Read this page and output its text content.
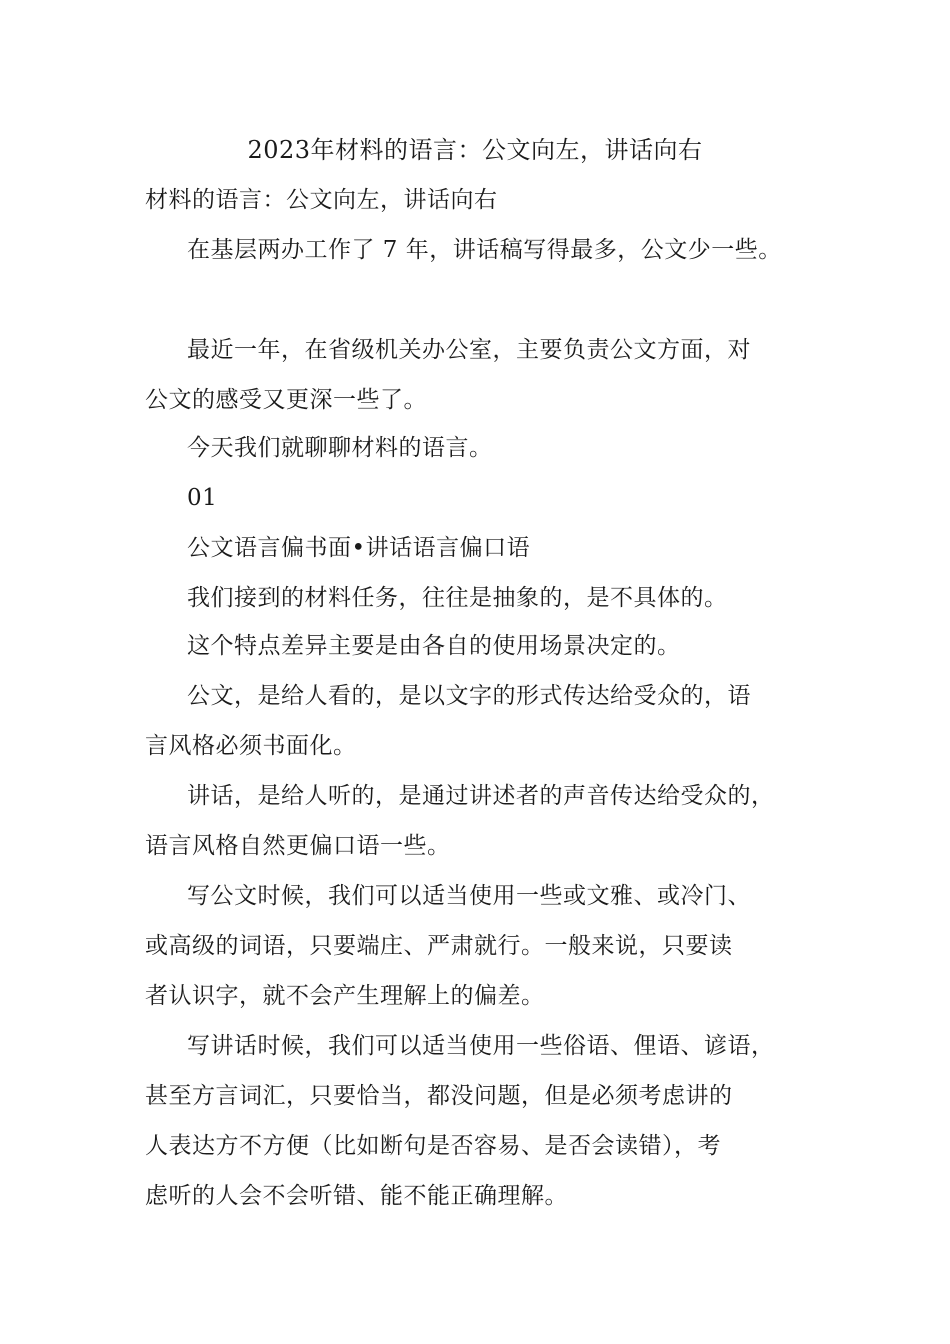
2023年材料的语言：公文向左，讲话向右
材料的语言：公文向左，讲话向右
在基层两办工作了 7 年，讲话稿写得最多，公文少一些。
最近一年，在省级机关办公室，主要负责公文方面，对
公文的感受又更深一些了。
今天我们就聊聊材料的语言。
01
公文语言偏书面•讲话语言偏口语
我们接到的材料任务，往往是抽象的，是不具体的。
这个特点差异主要是由各自的使用场景决定的。
公文，是给人看的，是以文字的形式传达给受众的，语
言风格必须书面化。
讲话，是给人听的，是通过讲述者的声音传达给受众的，
语言风格自然更偏口语一些。
写公文时候，我们可以适当使用一些或文雅、或冷门、
或高级的词语，只要端庄、严肃就行。一般来说，只要读
者认识字，就不会产生理解上的偏差。
写讲话时候，我们可以适当使用一些俗语、俚语、谚语，
甚至方言词汇，只要恰当，都没问题，但是必须考虑讲的
人表达方不方便（比如断句是否容易、是否会读错），考
虑听的人会不会听错、能不能正确理解。
